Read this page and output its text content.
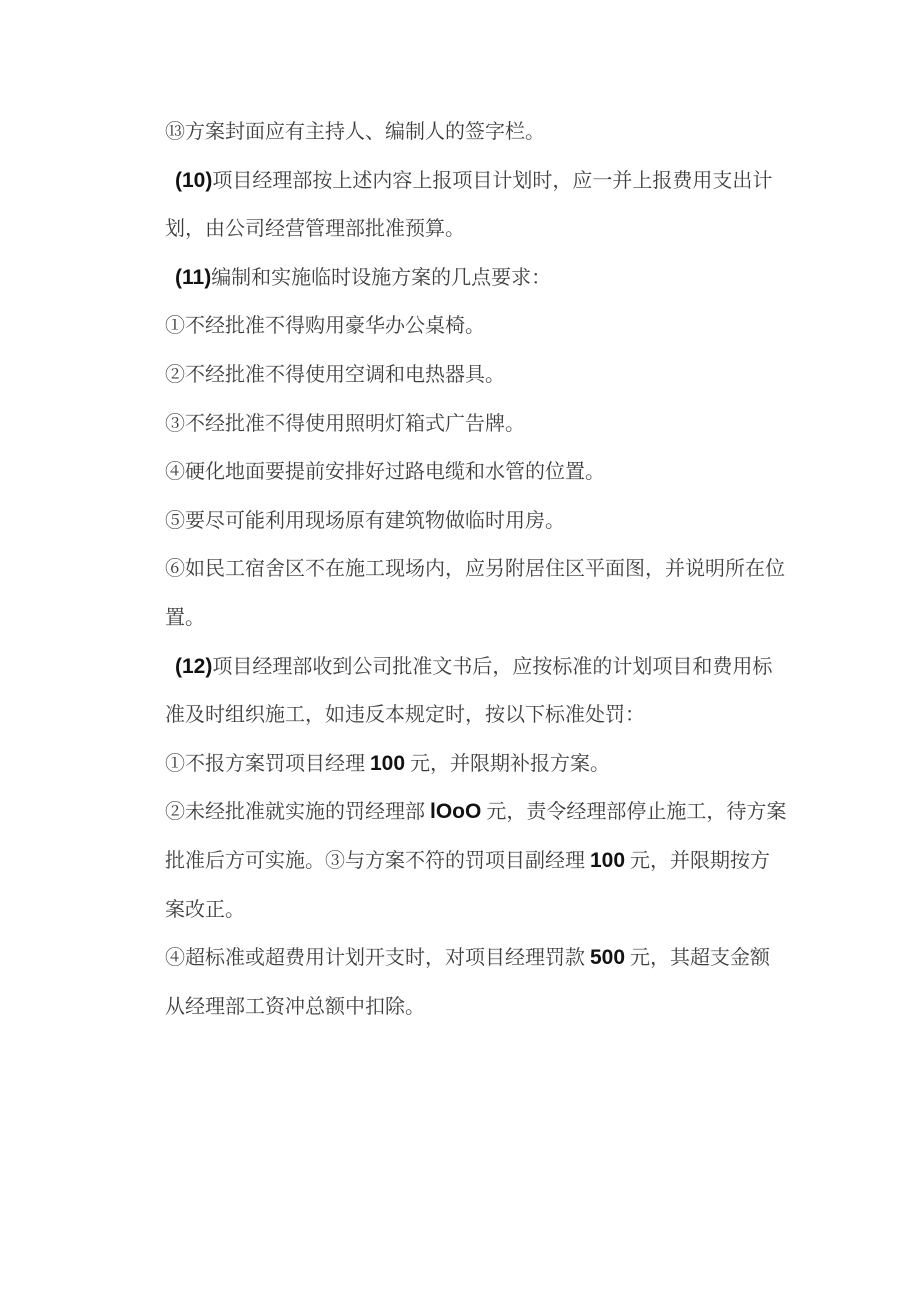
⑬方案封面应有主持人、编制人的签字栏。
(10)项目经理部按上述内容上报项目计划时，应一并上报费用支出计
划，由公司经营管理部批准预算。
(11)编制和实施临时设施方案的几点要求：
①不经批准不得购用豪华办公桌椅。
②不经批准不得使用空调和电热器具。
③不经批准不得使用照明灯箱式广告牌。
④硬化地面要提前安排好过路电缆和水管的位置。
⑤要尽可能利用现场原有建筑物做临时用房。
⑥如民工宿舍区不在施工现场内，应另附居住区平面图，并说明所在位
置。
(12)项目经理部收到公司批准文书后，应按标准的计划项目和费用标
准及时组织施工，如违反本规定时，按以下标准处罚：
①不报方案罚项目经理 100 元，并限期补报方案。
②未经批准就实施的罚经理部 lOoO 元，责令经理部停止施工，待方案
批准后方可实施。③与方案不符的罚项目副经理 100 元，并限期按方
案改正。
④超标准或超费用计划开支时，对项目经理罚款 500 元，其超支金额
从经理部工资冲总额中扣除。
